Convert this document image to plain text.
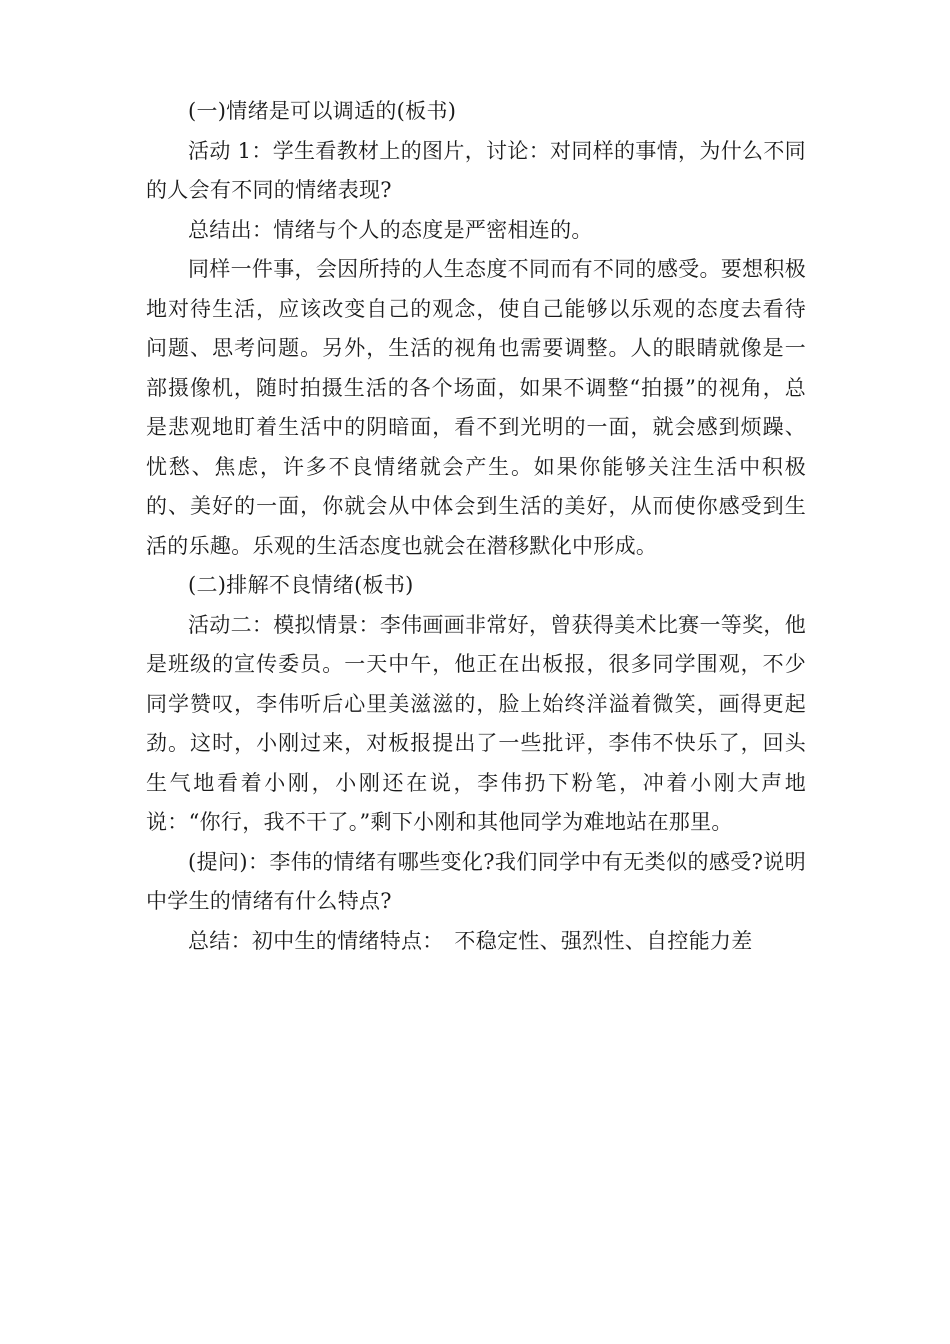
(一)情绪是可以调适的(板书)

活动 1：学生看教材上的图片，讨论：对同样的事情，为什么不同的人会有不同的情绪表现?

总结出：情绪与个人的态度是严密相连的。

同样一件事，会因所持的人生态度不同而有不同的感受。要想积极地对待生活，应该改变自己的观念，使自己能够以乐观的态度去看待问题、思考问题。另外，生活的视角也需要调整。人的眼睛就像是一部摄像机，随时拍摄生活的各个场面，如果不调整“拍摄”的视角，总是悲观地盯着生活中的阴暗面，看不到光明的一面，就会感到烦躁、忧愁、焦虑，许多不良情绪就会产生。如果你能够关注生活中积极的、美好的一面，你就会从中体会到生活的美好，从而使你感受到生活的乐趣。乐观的生活态度也就会在潜移默化中形成。

(二)排解不良情绪(板书)

活动二：模拟情景：李伟画画非常好，曾获得美术比赛一等奖，他是班级的宣传委员。一天中午，他正在出板报，很多同学围观，不少同学赞叹，李伟听后心里美滋滋的，脸上始终洋溢着微笑，画得更起劲。这时，小刚过来，对板报提出了一些批评，李伟不快乐了，回头生气地看着小刚，小刚还在说，李伟扔下粉笔，冲着小刚大声地说：“你行，我不干了。”剩下小刚和其他同学为难地站在那里。

(提问)：李伟的情绪有哪些变化?我们同学中有无类似的感受?说明中学生的情绪有什么特点?

总结：初中生的情绪特点：　不稳定性、强烈性、自控能力差
